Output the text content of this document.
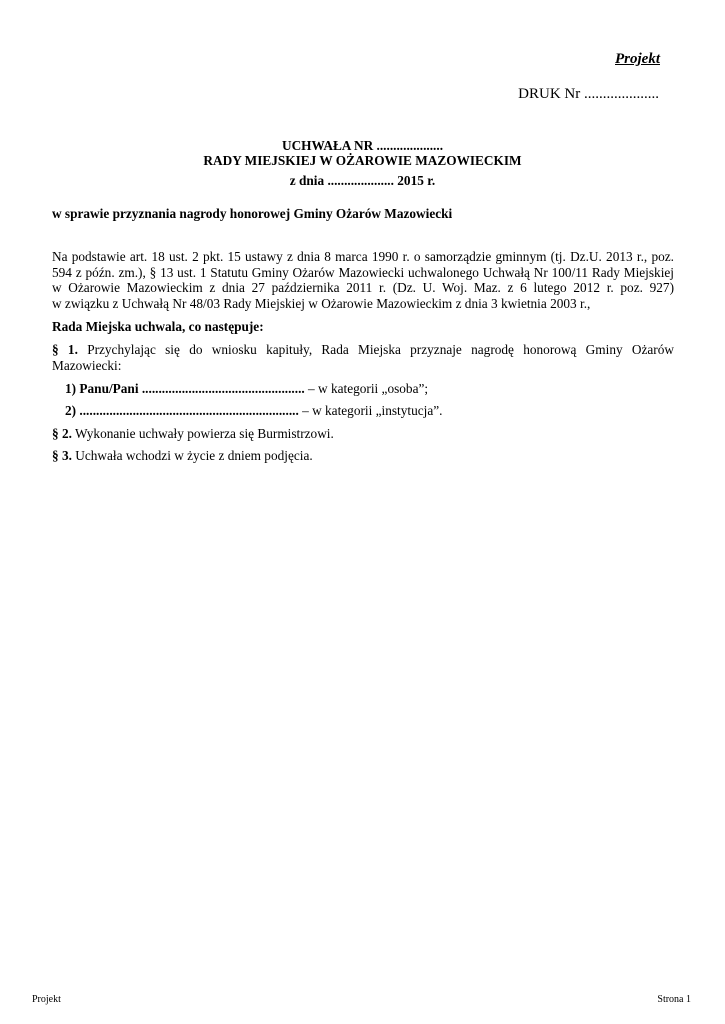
Projekt
DRUK Nr ....................
UCHWAŁA NR ....................
RADY MIEJSKIEJ W OŻAROWIE MAZOWIECKIM
z dnia .................... 2015 r.
w sprawie przyznania nagrody honorowej Gminy Ożarów Mazowiecki
Na podstawie art. 18 ust. 2 pkt. 15 ustawy z dnia 8 marca 1990 r. o samorządzie gminnym (tj. Dz.U. 2013 r., poz.
594 z późn. zm.), § 13 ust. 1 Statutu Gminy Ożarów Mazowiecki uchwalonego Uchwałą Nr 100/11 Rady Miejskiej
w Ożarowie Mazowieckim z dnia 27 października 2011 r. (Dz. U. Woj. Maz. z 6 lutego 2012 r. poz. 927)
w związku z Uchwałą Nr 48/03 Rady Miejskiej w Ożarowie Mazowieckim z dnia 3 kwietnia 2003 r.,
Rada Miejska uchwala, co następuje:
§ 1. Przychylając się do wniosku kapituły, Rada Miejska przyznaje nagrodę honorową Gminy Ożarów
Mazowiecki:
1) Panu/Pani ................................................. – w kategorii „osoba”;
2) .................................................................. – w kategorii „instytucja”.
§ 2. Wykonanie uchwały powierza się Burmistrzowi.
§ 3. Uchwała wchodzi w życie z dniem podjęcia.
Projekt	Strona 1
